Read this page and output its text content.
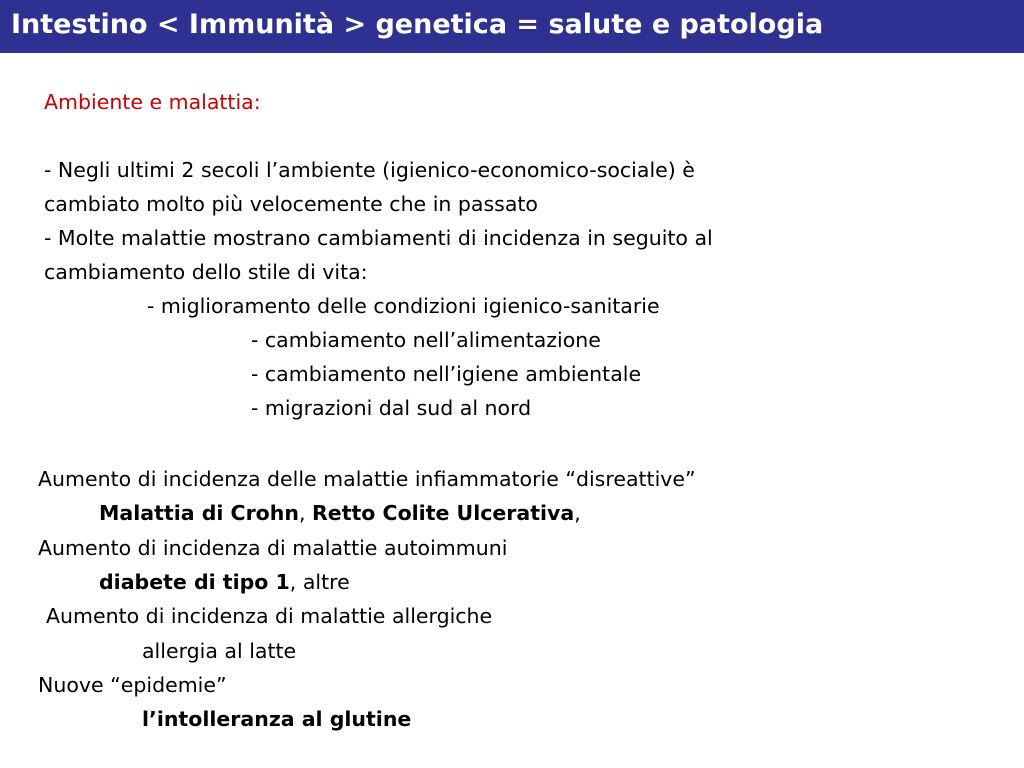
Intestino < Immunità > genetica = salute e patologia
Ambiente e malattia:
- Negli ultimi 2 secoli l’ambiente (igienico-economico-sociale) è
cambiato molto più velocemente che in passato
- Molte malattie mostrano cambiamenti di incidenza in seguito al
cambiamento dello stile di vita:
- miglioramento delle condizioni igienico-sanitarie
- cambiamento nell’alimentazione
- cambiamento nell’igiene ambientale
- migrazioni dal sud al nord
Aumento di incidenza delle malattie infiammatorie “disreattive”
Malattia di Crohn, Retto Colite Ulcerativa,
Aumento di incidenza di malattie autoimmuni
diabete di tipo 1, altre
Aumento di incidenza di malattie allergiche
allergia al latte
Nuove “epidemie”
l’intolleranza al glutine
